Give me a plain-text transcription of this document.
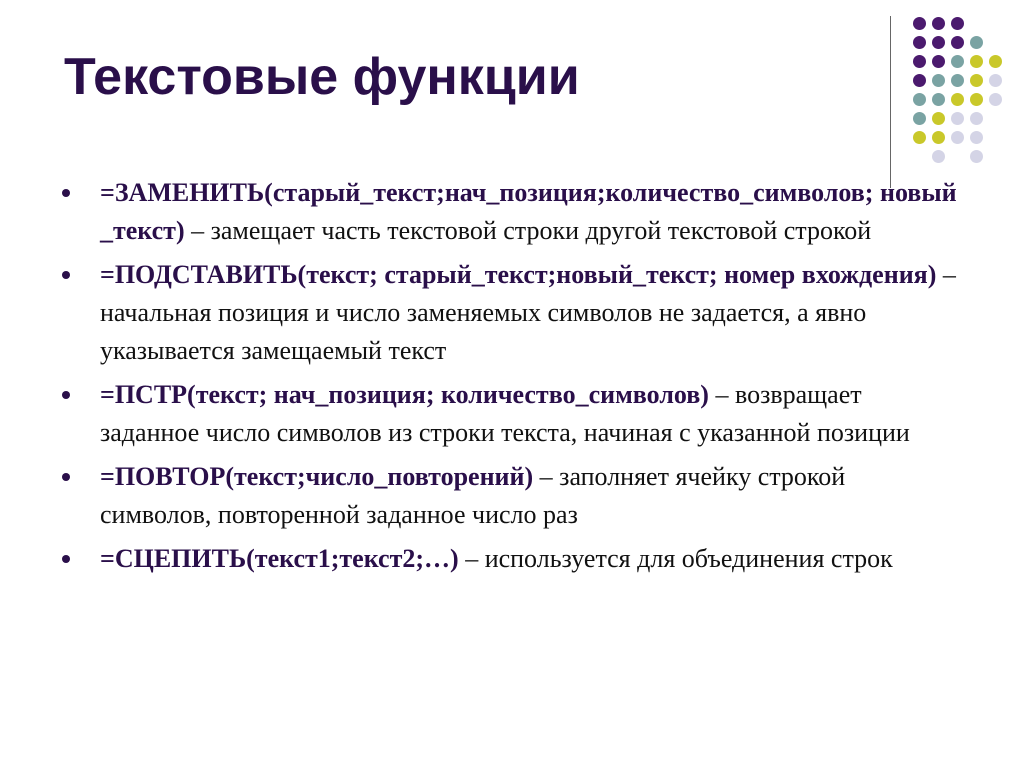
Текстовые функции
=ЗАМЕНИТЬ(старый_текст;нач_позиция;количество_символов; новый_текст) – замещает часть текстовой строки другой текстовой строкой
=ПОДСТАВИТЬ(текст; старый_текст;новый_текст; номер вхождения) – начальная позиция и число заменяемых символов не задается, а явно указывается замещаемый текст
=ПСТР(текст; нач_позиция; количество_символов) – возвращает заданное число символов из строки текста, начиная с указанной позиции
=ПОВТОР(текст;число_повторений) – заполняет ячейку строкой символов, повторенной заданное число раз
=СЦЕПИТЬ(текст1;текст2;…) – используется для объединения строк
